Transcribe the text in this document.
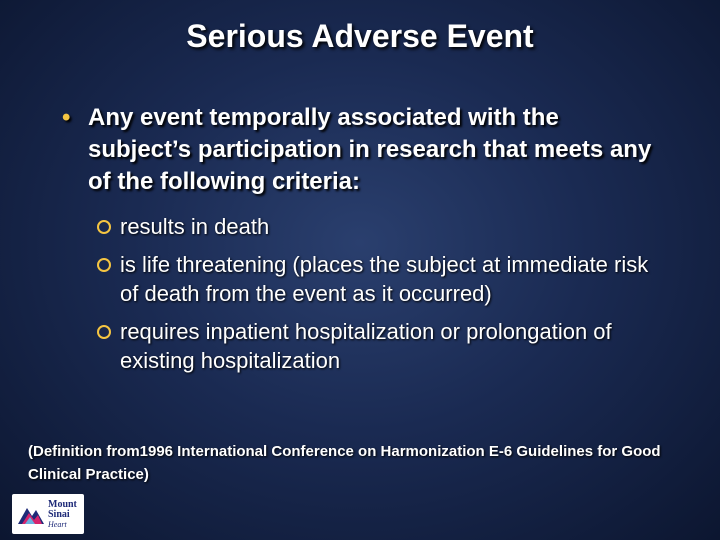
Serious Adverse Event
• Any event temporally associated with the subject’s participation in research that meets any of the following criteria:
results in death
is life threatening (places the subject at immediate risk of death from the event as it occurred)
requires inpatient hospitalization or prolongation of existing hospitalization
(Definition from1996 International Conference on Harmonization E-6 Guidelines for Good Clinical Practice)
Mount
Sinai
Heart
